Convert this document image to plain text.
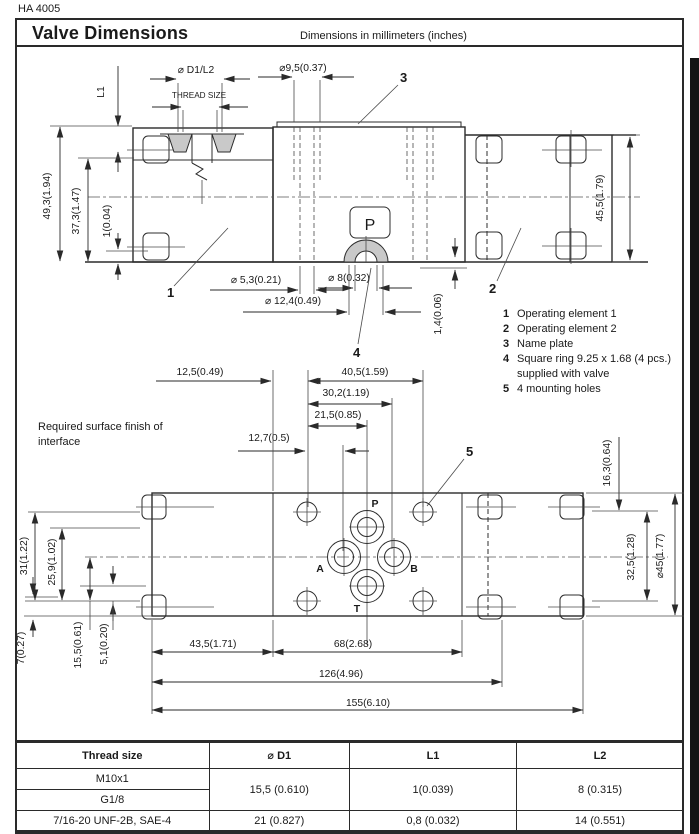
HA 4005
Valve Dimensions	Dimensions in millimeters (inches)
P
⌀ D1/L2
THREAD SIZE
L1
⌀9,5(0.37)
3
49,3(1.94) 37,3(1.47) 1(0.04)
⌀ 5,3(0.21)	⌀ 8(0.32)
⌀ 12,4(0.49)	1,4(0.06)
4
1	2
45,5(1.79)
12,5(0.49)	40,5(1.59)
30,2(1.19)
21,5(0.85)
12,7(0.5)
5
P
A	B
T
31(1.22) 25,9(1.02)
15,5(0.61) 5,1(0.20)
7(0.27)
16,3(0.64)
32,5(1.28) ⌀45(1.77)
43,5(1.71)	68(2.68)
126(4.96)
155(6.10)
1 Operating element 1
2 Operating element 2
3 Name plate
4 Square ring 9.25 x 1.68 (4 pcs.)
supplied with valve
5 4 mounting holes
Required surface finish of
interface
Thread size	⌀ D1	L1	L2
M10x1	15,5 (0.610)	1(0.039)	8 (0.315)
G1/8			
7/16-20 UNF-2B, SAE-4	21 (0.827)	0,8 (0.032)	14 (0.551)
